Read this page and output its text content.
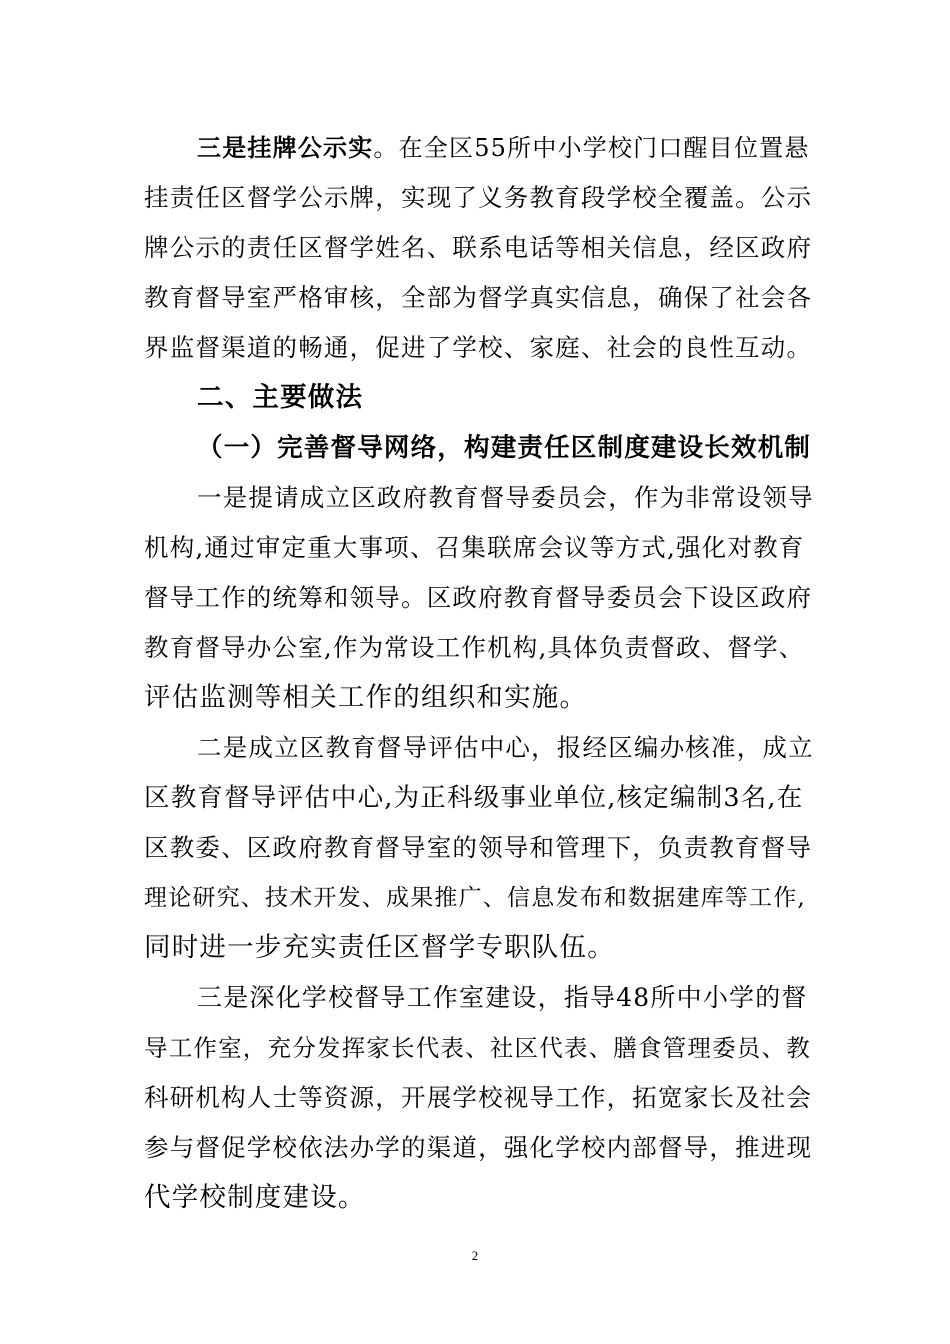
三是挂牌公示实。在全区55所中小学校门口醒目位置悬
挂责任区督学公示牌，实现了义务教育段学校全覆盖。公示
牌公示的责任区督学姓名、联系电话等相关信息，经区政府
教育督导室严格审核，全部为督学真实信息，确保了社会各
界监督渠道的畅通，促进了学校、家庭、社会的良性互动。
二、主要做法
（一）完善督导网络，构建责任区制度建设长效机制
一是提请成立区政府教育督导委员会，作为非常设领导
机构,通过审定重大事项、召集联席会议等方式,强化对教育
督导工作的统筹和领导。区政府教育督导委员会下设区政府
教育督导办公室,作为常设工作机构,具体负责督政、督学、
评估监测等相关工作的组织和实施。
二是成立区教育督导评估中心，报经区编办核准，成立
区教育督导评估中心,为正科级事业单位,核定编制3名,在
区教委、区政府教育督导室的领导和管理下，负责教育督导
理论研究、技术开发、成果推广、信息发布和数据建库等工作,
同时进一步充实责任区督学专职队伍。
三是深化学校督导工作室建设，指导48所中小学的督
导工作室，充分发挥家长代表、社区代表、膳食管理委员、教
科研机构人士等资源，开展学校视导工作，拓宽家长及社会
参与督促学校依法办学的渠道，强化学校内部督导，推进现
代学校制度建设。
2
